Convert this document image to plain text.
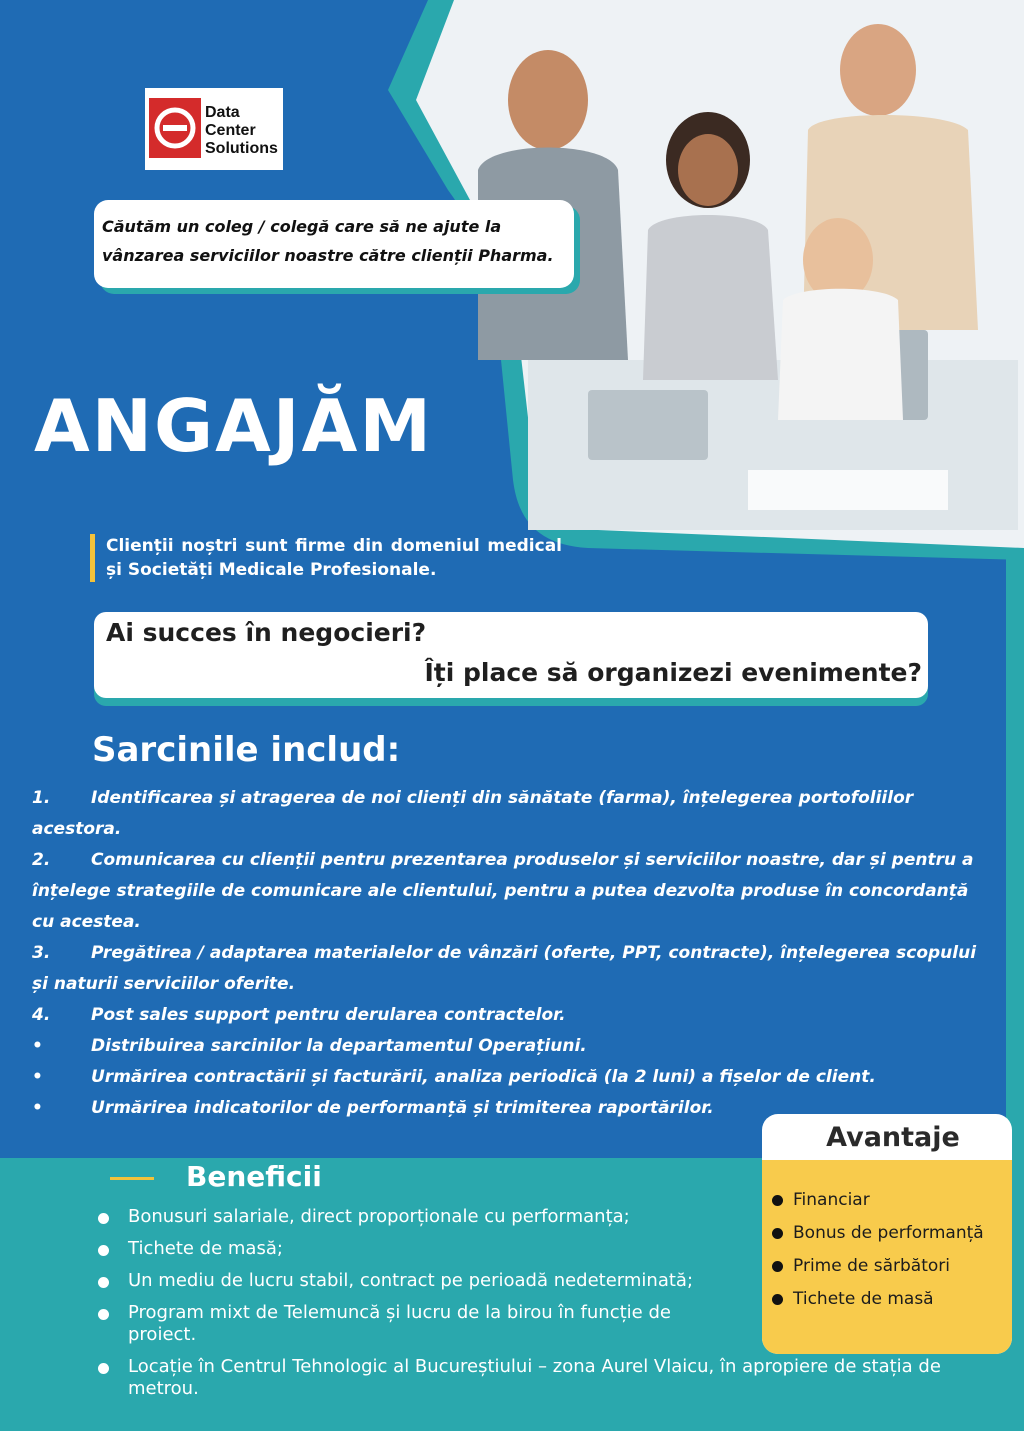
Data
Center
Solutions
Căutăm un coleg / colegă care să ne ajute la
vânzarea serviciilor noastre către clienții Pharma.
ANGAJĂM
Clienții noștri sunt firme din domeniul medical și Societăți Medicale Profesionale.
Ai succes în negocieri?
Îți place să organizezi evenimente?
Sarcinile includ:
1.	Identificarea și atragerea de noi clienți din sănătate (farma), înțelegerea portofoliilor acestora.
2.	Comunicarea cu clienții pentru prezentarea produselor și serviciilor noastre, dar și pentru a înțelege strategiile de comunicare ale clientului, pentru a putea dezvolta produse în concordanță cu acestea.
3.	Pregătirea / adaptarea materialelor de vânzări (oferte, PPT, contracte), înțelegerea scopului și naturii serviciilor oferite.
4.	Post sales support pentru derularea contractelor.
•	Distribuirea sarcinilor la departamentul Operațiuni.
•	Urmărirea contractării și facturării, analiza periodică (la 2 luni) a fișelor de client.
•	Urmărirea indicatorilor de performanță și trimiterea raportărilor.
Beneficii
Bonusuri salariale, direct proporționale cu performanța;
Tichete de masă;
Un mediu de lucru stabil, contract pe perioadă nedeterminată;
Program mixt de Telemuncă și lucru de la birou în funcție de proiect.
Locație în Centrul Tehnologic al Bucureștiului – zona Aurel Vlaicu, în apropiere de stația de metrou.
Avantaje
Financiar
Bonus de performanță
Prime de sărbători
Tichete de masă
